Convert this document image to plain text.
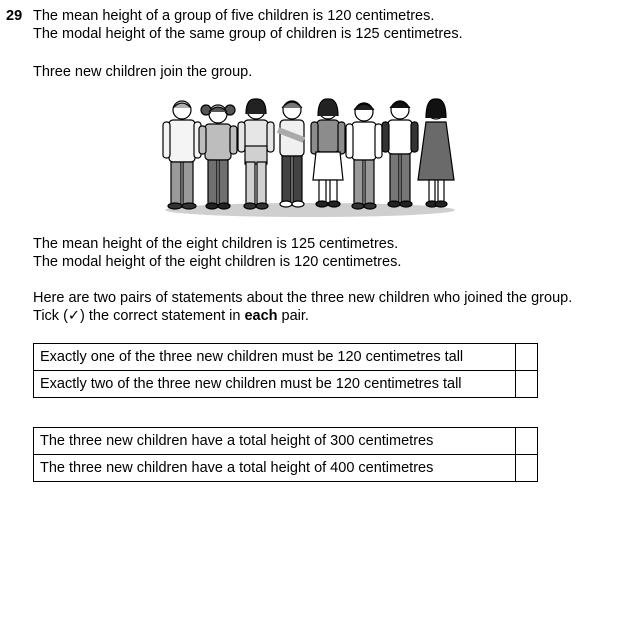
29 The mean height of a group of five children is 120 centimetres.
The modal height of the same group of children is 125 centimetres.
Three new children join the group.
The mean height of the eight children is 125 centimetres.
The modal height of the eight children is 120 centimetres.
Here are two pairs of statements about the three new children who joined the group.
Tick (✓) the correct statement in each pair.
Exactly one of the three new children must be 120 centimetres tall	
Exactly two of the three new children must be 120 centimetres tall	
The three new children have a total height of 300 centimetres	
The three new children have a total height of 400 centimetres	
